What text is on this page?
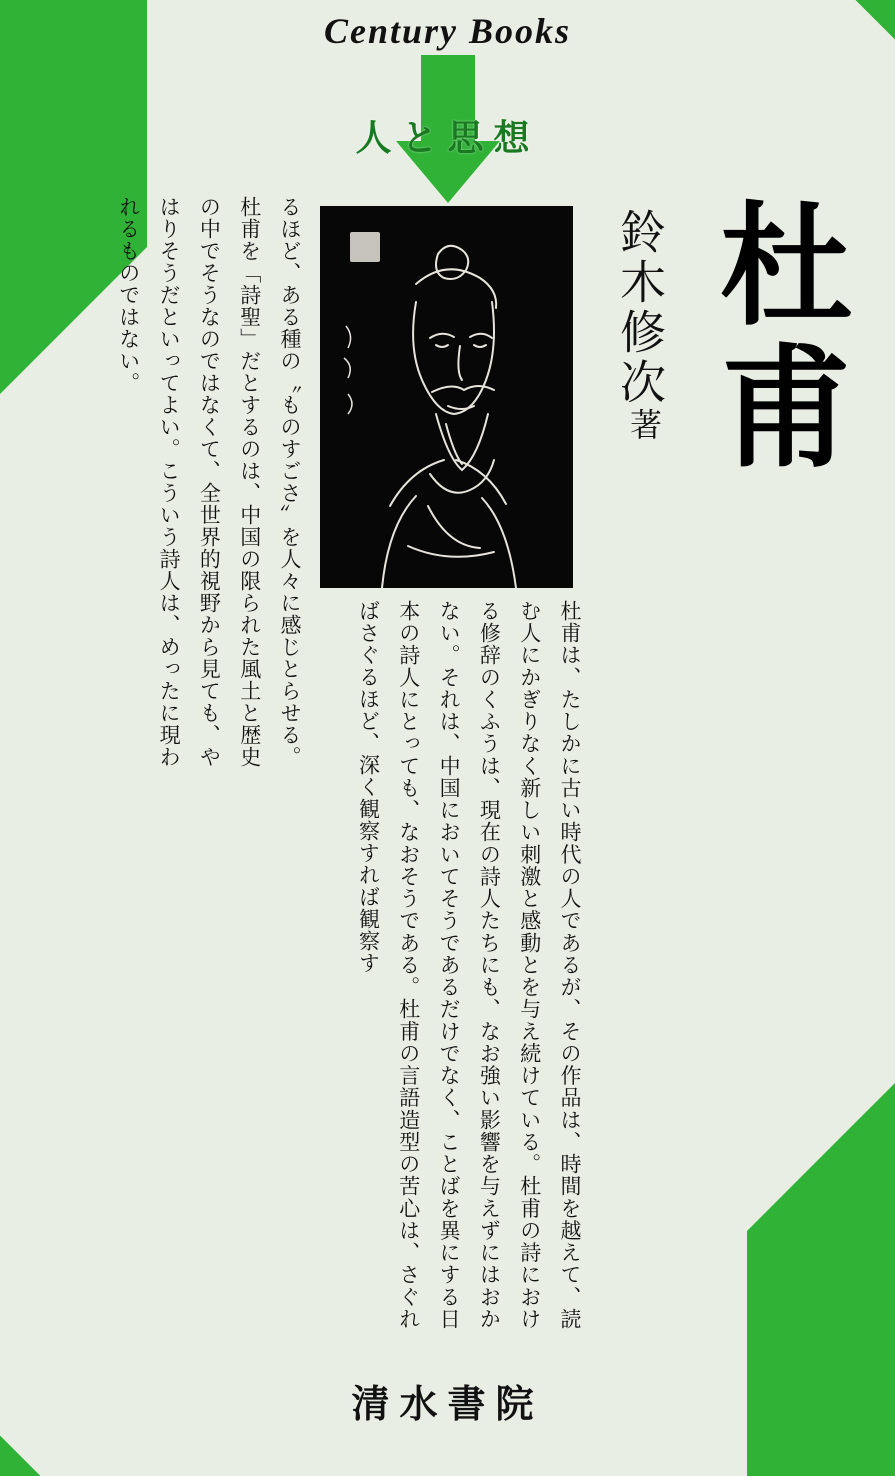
Century Books
人と思想
杜甫
鈴木修次
著
るほど、ある種の〝ものすごさ〟を人々に感じとらせる。杜甫を「詩聖」だとするのは、中国の限られた風土と歴史の中でそうなのではなくて、全世界的視野から見ても、やはりそうだといってよい。こういう詩人は、めったに現われるものではない。
杜甫は、たしかに古い時代の人であるが、その作品は、時間を越えて、読む人にかぎりなく新しい刺激と感動とを与え続けている。杜甫の詩における修辞のくふうは、現在の詩人たちにも、なお強い影響を与えずにはおかない。それは、中国においてそうであるだけでなく、ことばを異にする日本の詩人にとっても、なおそうである。杜甫の言語造型の苦心は、さぐればさぐるほど、深く観察すれば観察す
清水書院
